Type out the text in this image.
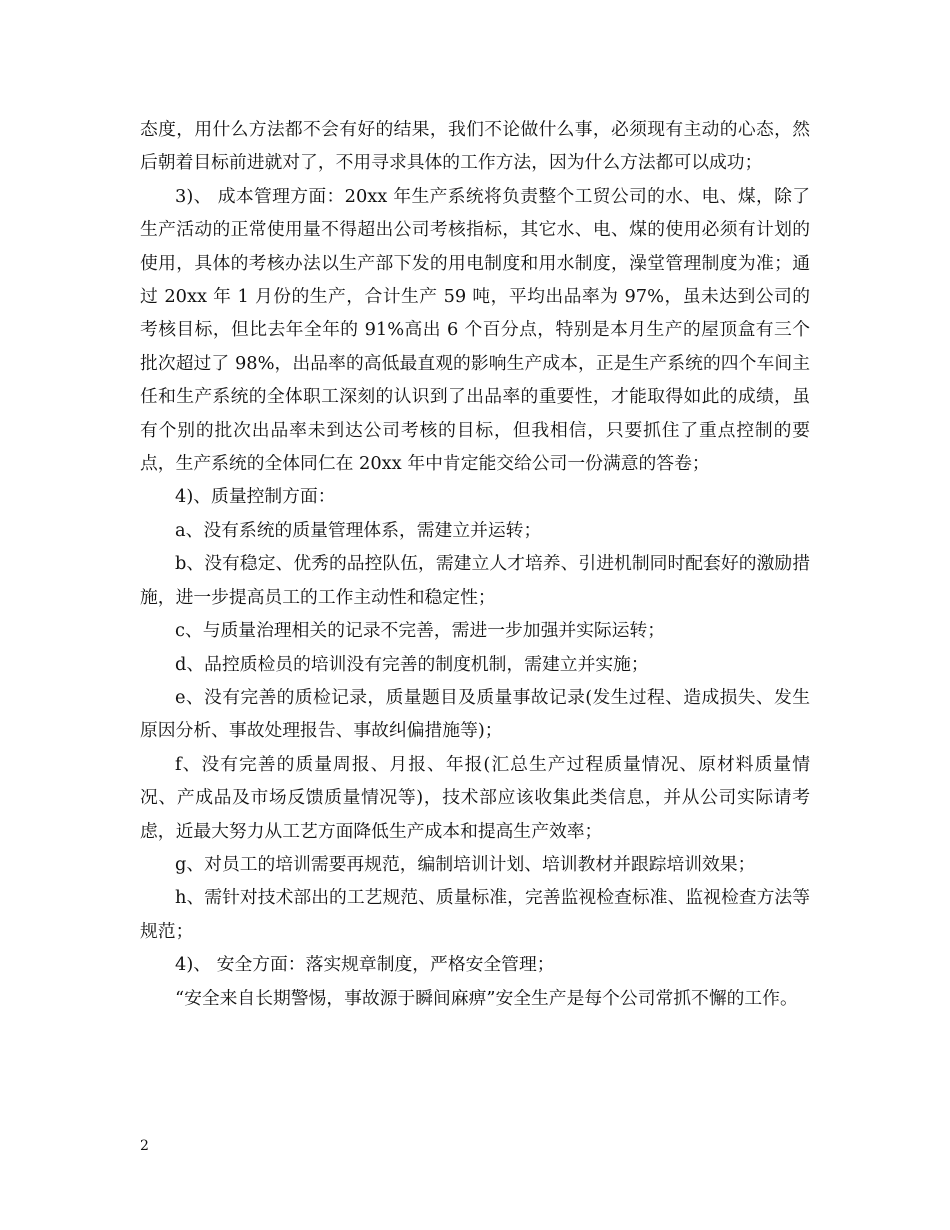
态度，用什么方法都不会有好的结果，我们不论做什么事，必须现有主动的心态，然后朝着目标前进就对了，不用寻求具体的工作方法，因为什么方法都可以成功；

3)、 成本管理方面：20xx 年生产系统将负责整个工贸公司的水、电、煤，除了生产活动的正常使用量不得超出公司考核指标，其它水、电、煤的使用必须有计划的使用，具体的考核办法以生产部下发的用电制度和用水制度，澡堂管理制度为准；通过 20xx 年 1 月份的生产，合计生产 59 吨，平均出品率为 97%，虽未达到公司的考核目标，但比去年全年的 91%高出 6 个百分点，特别是本月生产的屋顶盒有三个批次超过了 98%，出品率的高低最直观的影响生产成本，正是生产系统的四个车间主任和生产系统的全体职工深刻的认识到了出品率的重要性，才能取得如此的成绩，虽有个别的批次出品率未到达公司考核的目标，但我相信，只要抓住了重点控制的要点，生产系统的全体同仁在 20xx 年中肯定能交给公司一份满意的答卷；

4)、质量控制方面：

a、没有系统的质量管理体系，需建立并运转；

b、没有稳定、优秀的品控队伍，需建立人才培养、引进机制同时配套好的激励措施，进一步提高员工的工作主动性和稳定性；

c、与质量治理相关的记录不完善，需进一步加强并实际运转；

d、品控质检员的培训没有完善的制度机制，需建立并实施；

e、没有完善的质检记录，质量题目及质量事故记录(发生过程、造成损失、发生原因分析、事故处理报告、事故纠偏措施等)；

f、没有完善的质量周报、月报、年报(汇总生产过程质量情况、原材料质量情况、产成品及市场反馈质量情况等)，技术部应该收集此类信息，并从公司实际请考虑，近最大努力从工艺方面降低生产成本和提高生产效率；

g、对员工的培训需要再规范，编制培训计划、培训教材并跟踪培训效果；

h、需针对技术部出的工艺规范、质量标准，完善监视检查标准、监视检查方法等规范；

4)、 安全方面：落实规章制度，严格安全管理；

“安全来自长期警惕，事故源于瞬间麻痹”安全生产是每个公司常抓不懈的工作。

2
